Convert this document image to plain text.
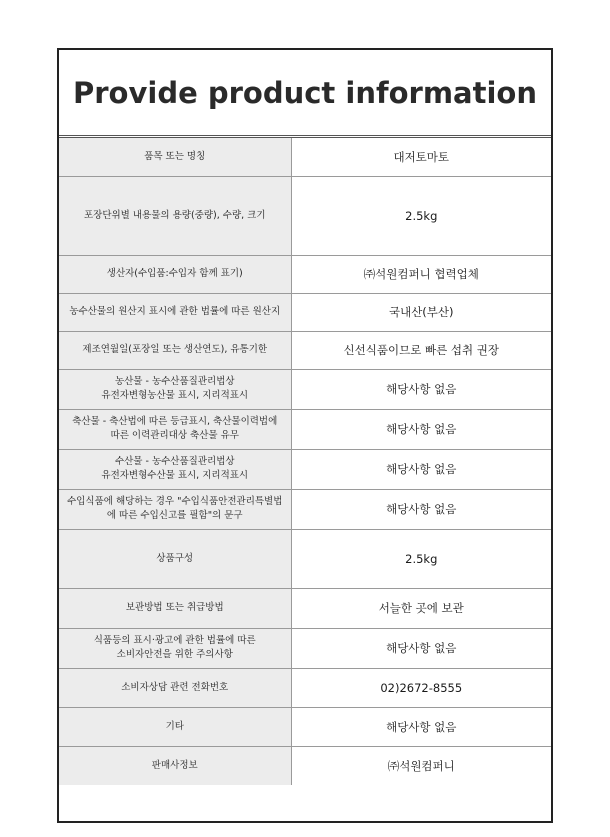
Provide product information
품목 또는 명칭	대저토마토
포장단위별 내용물의 용량(중량), 수량, 크기	2.5kg
생산자(수입품:수입자 함께 표기)	㈜석원컴퍼니 협력업체
농수산물의 원산지 표시에 관한 법률에 따른 원산지	국내산(부산)
제조연월일(포장일 또는 생산연도), 유통기한	신선식품이므로 빠른 섭취 권장
농산물 - 농수산품질관리법상
유전자변형농산물 표시, 지리적표시	해당사항 없음
축산물 - 축산법에 따른 등급표시, 축산물이력법에
따른 이력관리대상 축산물 유무	해당사항 없음
수산물 - 농수산품질관리법상
유전자변형수산물 표시, 지리적표시	해당사항 없음
수입식품에 해당하는 경우 "수입식품안전관리특별법
에 따른 수입신고를 필함"의 문구	해당사항 없음
상품구성	2.5kg
보관방법 또는 취급방법	서늘한 곳에 보관
식품등의 표시·광고에 관한 법률에 따른
소비자안전을 위한 주의사항	해당사항 없음
소비자상담 관련 전화번호	02)2672-8555
기타	해당사항 없음
판매사정보	㈜석원컴퍼니
